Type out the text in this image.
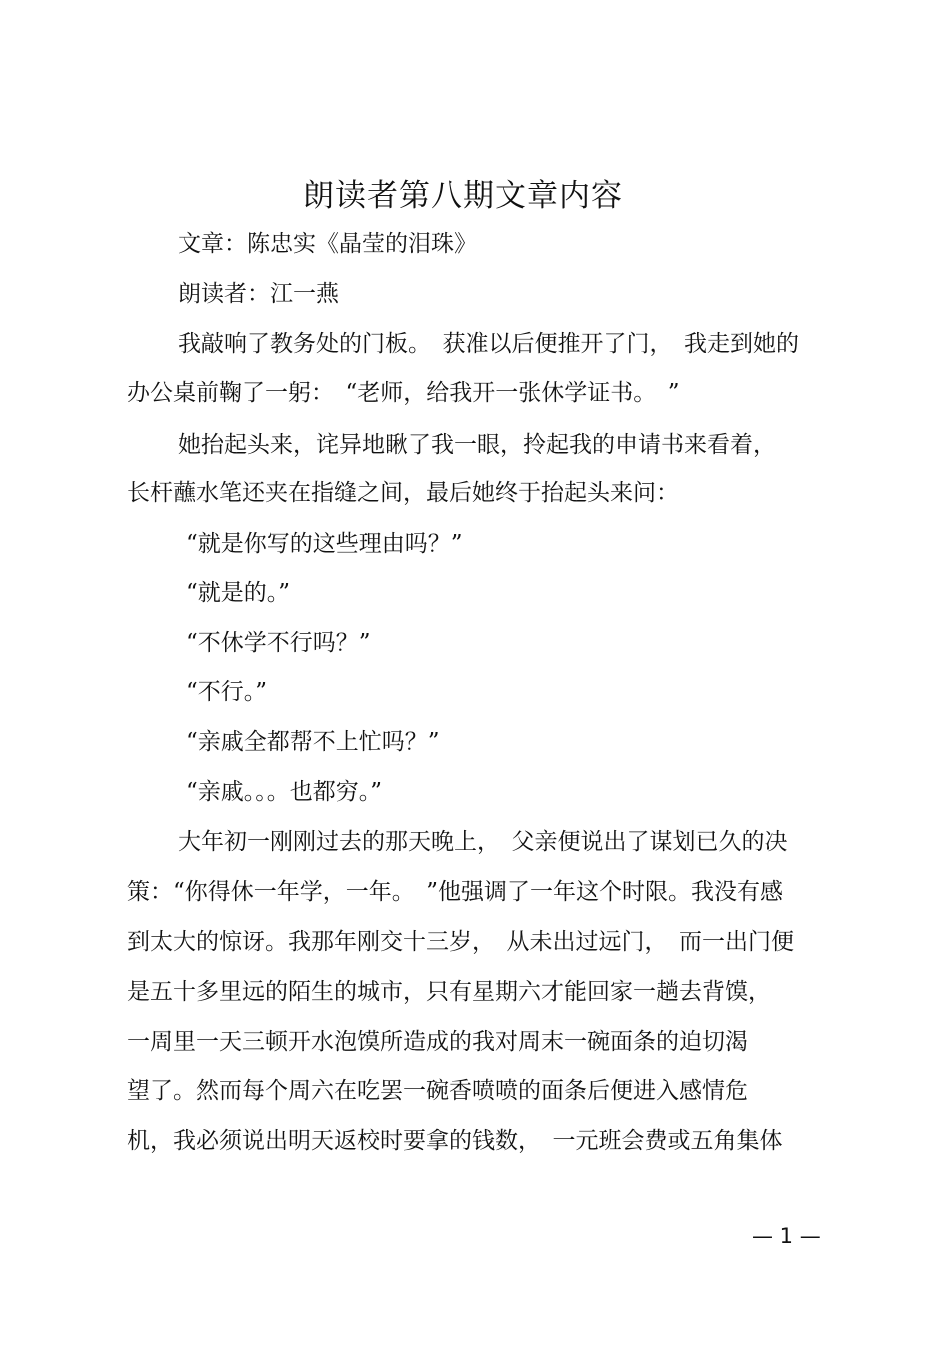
朗读者第八期文章内容
文章：陈忠实《晶莹的泪珠》
朗读者：江一燕
我敲响了教务处的门板。　获准以后便推开了门，　我走到她的
办公桌前鞠了一躬：　“老师，给我开一张休学证书。　”
她抬起头来，诧异地瞅了我一眼，拎起我的申请书来看着，
长杆蘸水笔还夹在指缝之间，最后她终于抬起头来问：
“就是你写的这些理由吗？”
“就是的。”
“不休学不行吗？”
“不行。”
“亲戚全都帮不上忙吗？”
“亲戚。。。也都穷。”
大年初一刚刚过去的那天晚上，　父亲便说出了谋划已久的决
策：“你得休一年学，一年。　”他强调了一年这个时限。我没有感
到太大的惊讶。我那年刚交十三岁，　从未出过远门，　而一出门便
是五十多里远的陌生的城市，只有星期六才能回家一趟去背馍，
一周里一天三顿开水泡馍所造成的我对周末一碗面条的迫切渴
望了。然而每个周六在吃罢一碗香喷喷的面条后便进入感情危
机，我必须说出明天返校时要拿的钱数，　一元班会费或五角集体
— 1 —
